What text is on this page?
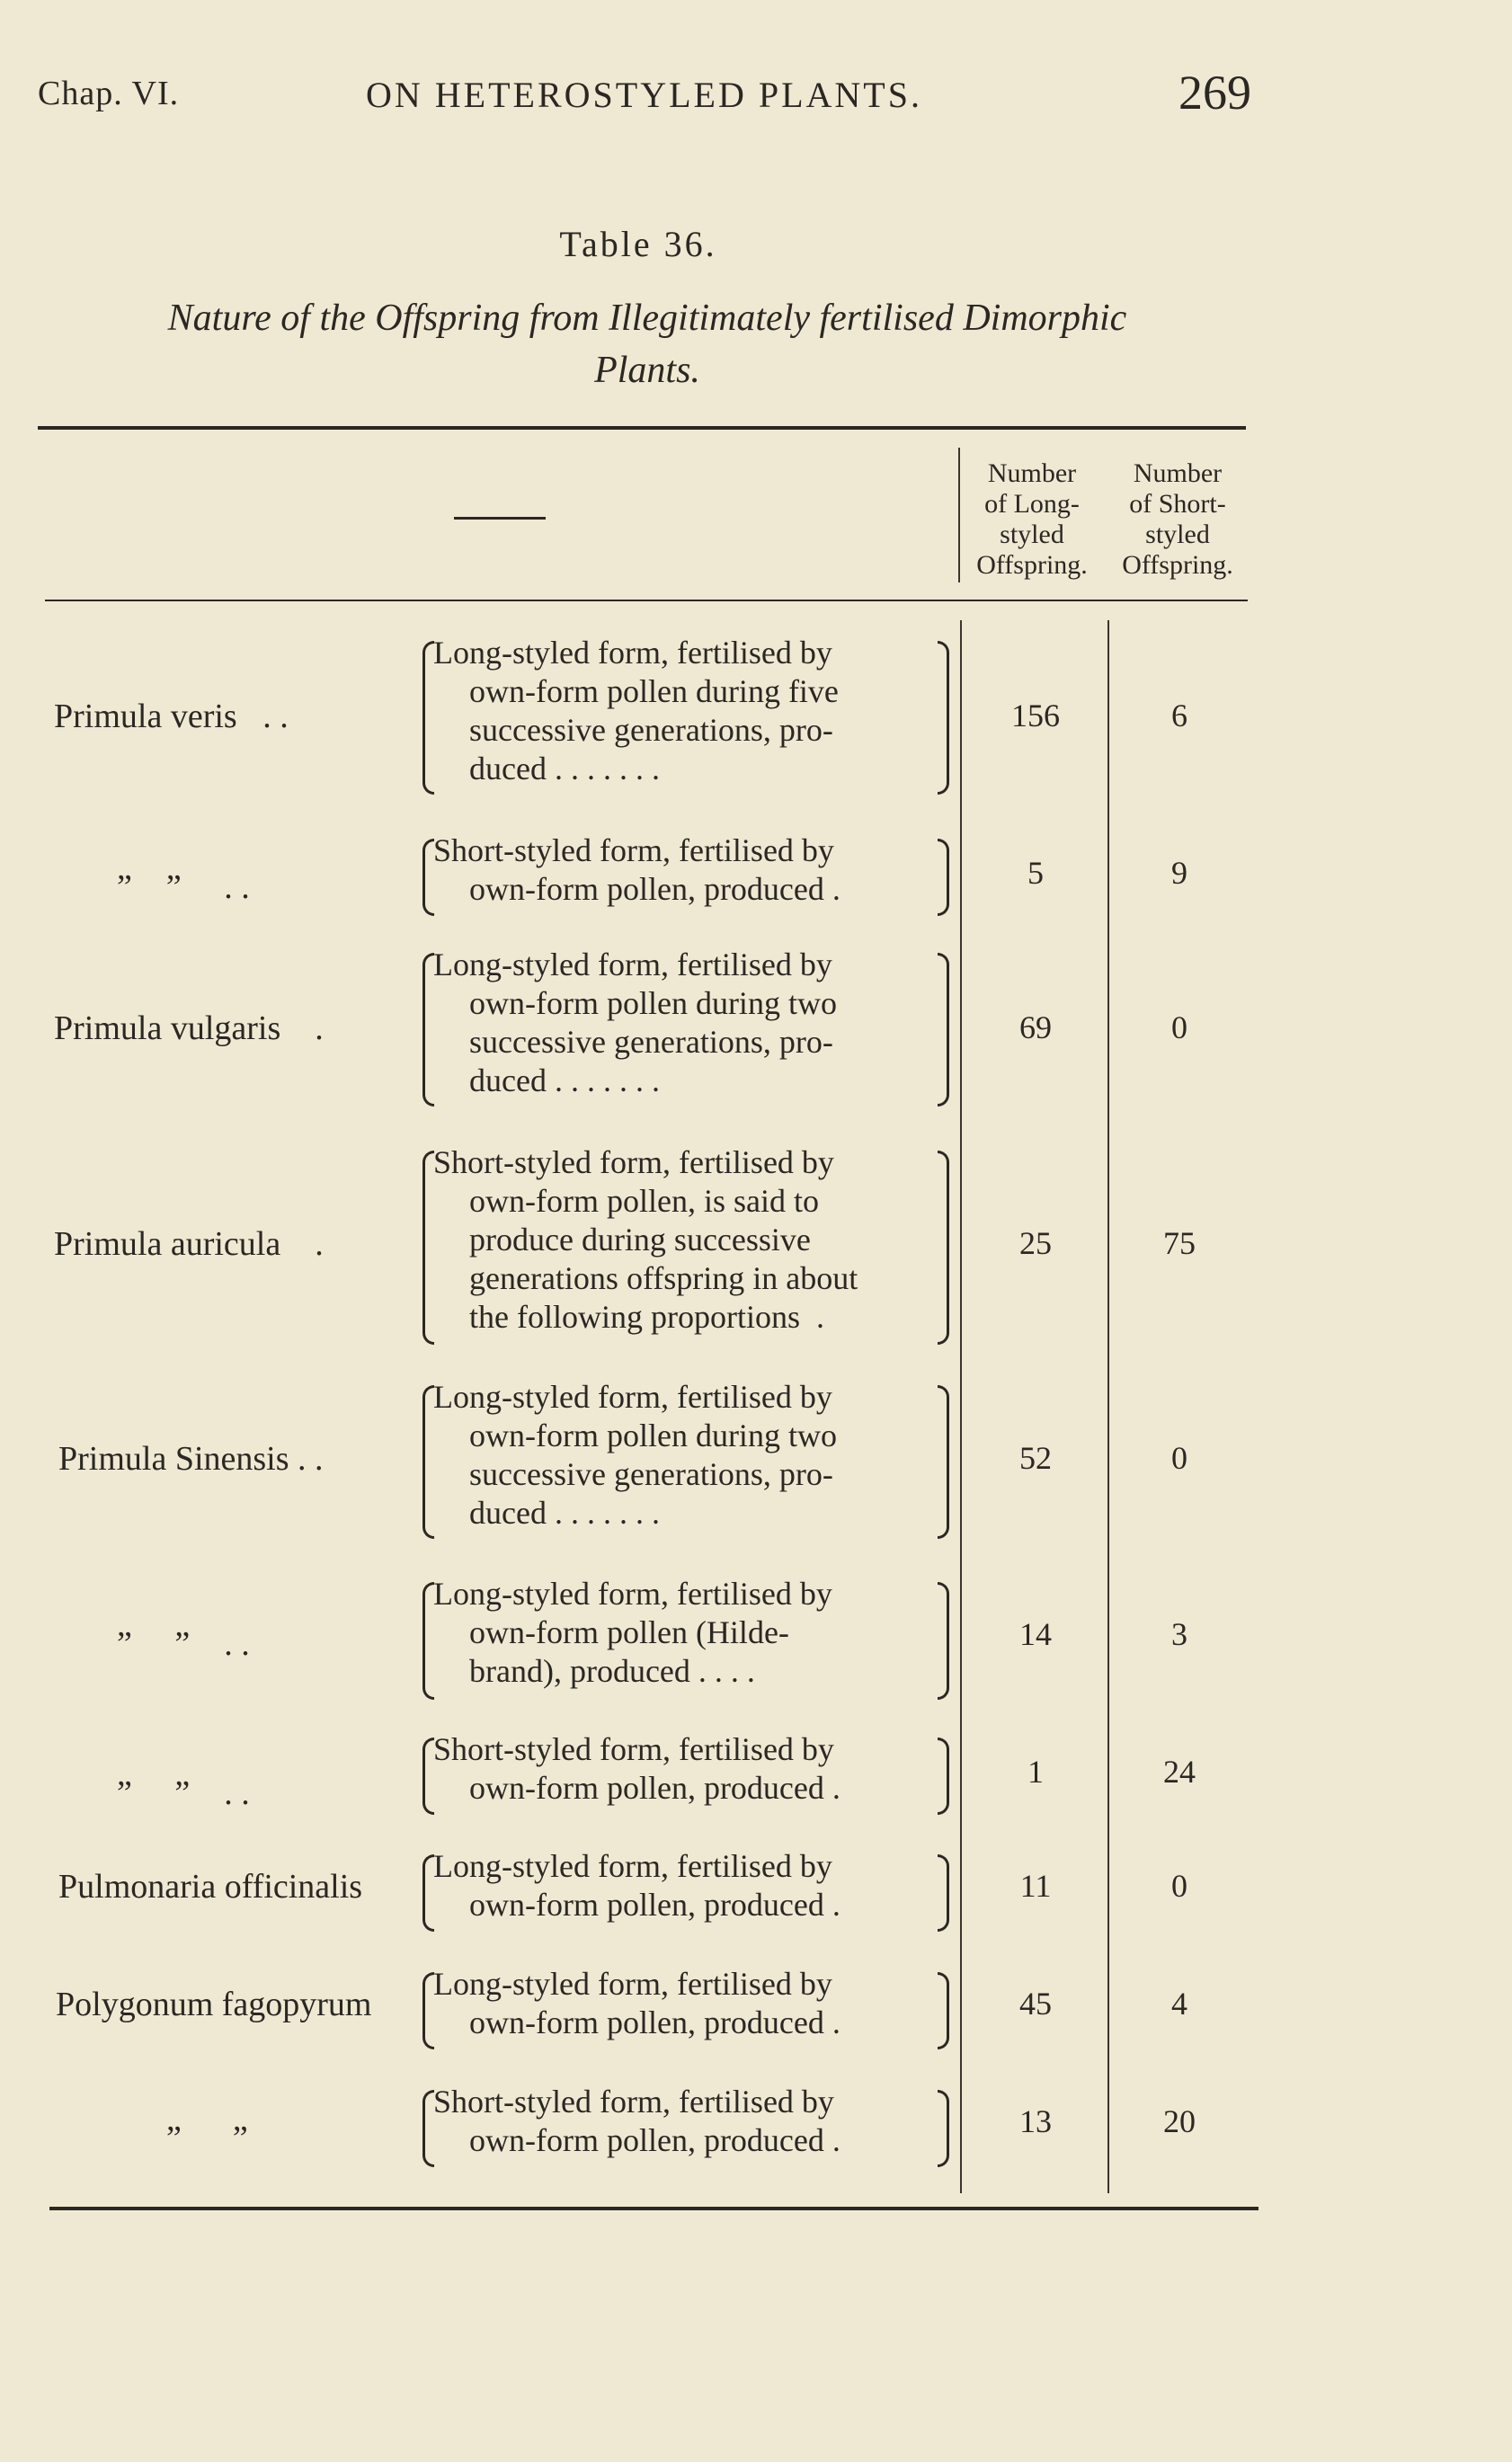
Chap. VI.	ON HETEROSTYLED PLANTS.	269
Table 36.
Nature of the Offspring from Illegitimately fertilised Dimorphic
Plants.
Number
of Long-
styled
Offspring.
Number
of Short-
styled
Offspring.
Primula veris   . .
Long-styled form, fertilised by
own-form pollen during five
successive generations, pro-
duced . . . . . . .
156	6
”    ”     . .
Short-styled form, fertilised by
own-form pollen, produced .	5	9
Primula vulgaris    .
Long-styled form, fertilised by
own-form pollen during two
successive generations, pro-
duced . . . . . . .
69	0
Primula auricula    .
Short-styled form, fertilised by
own-form pollen, is said to
produce during successive
generations offspring in about
the following proportions  .
25	75
Primula Sinensis . .
Long-styled form, fertilised by
own-form pollen during two
successive generations, pro-
duced . . . . . . .
52	0
”     ”    . .
Long-styled form, fertilised by
own-form pollen (Hilde-
brand), produced . . . .
14	3
”     ”    . .
Short-styled form, fertilised by
own-form pollen, produced .	1	24
Pulmonaria officinalis
Long-styled form, fertilised by
own-form pollen, produced .
11	0
Polygonum fagopyrum
Long-styled form, fertilised by
own-form pollen, produced .
45	4
”      ”
Short-styled form, fertilised by
own-form pollen, produced .
13	20
